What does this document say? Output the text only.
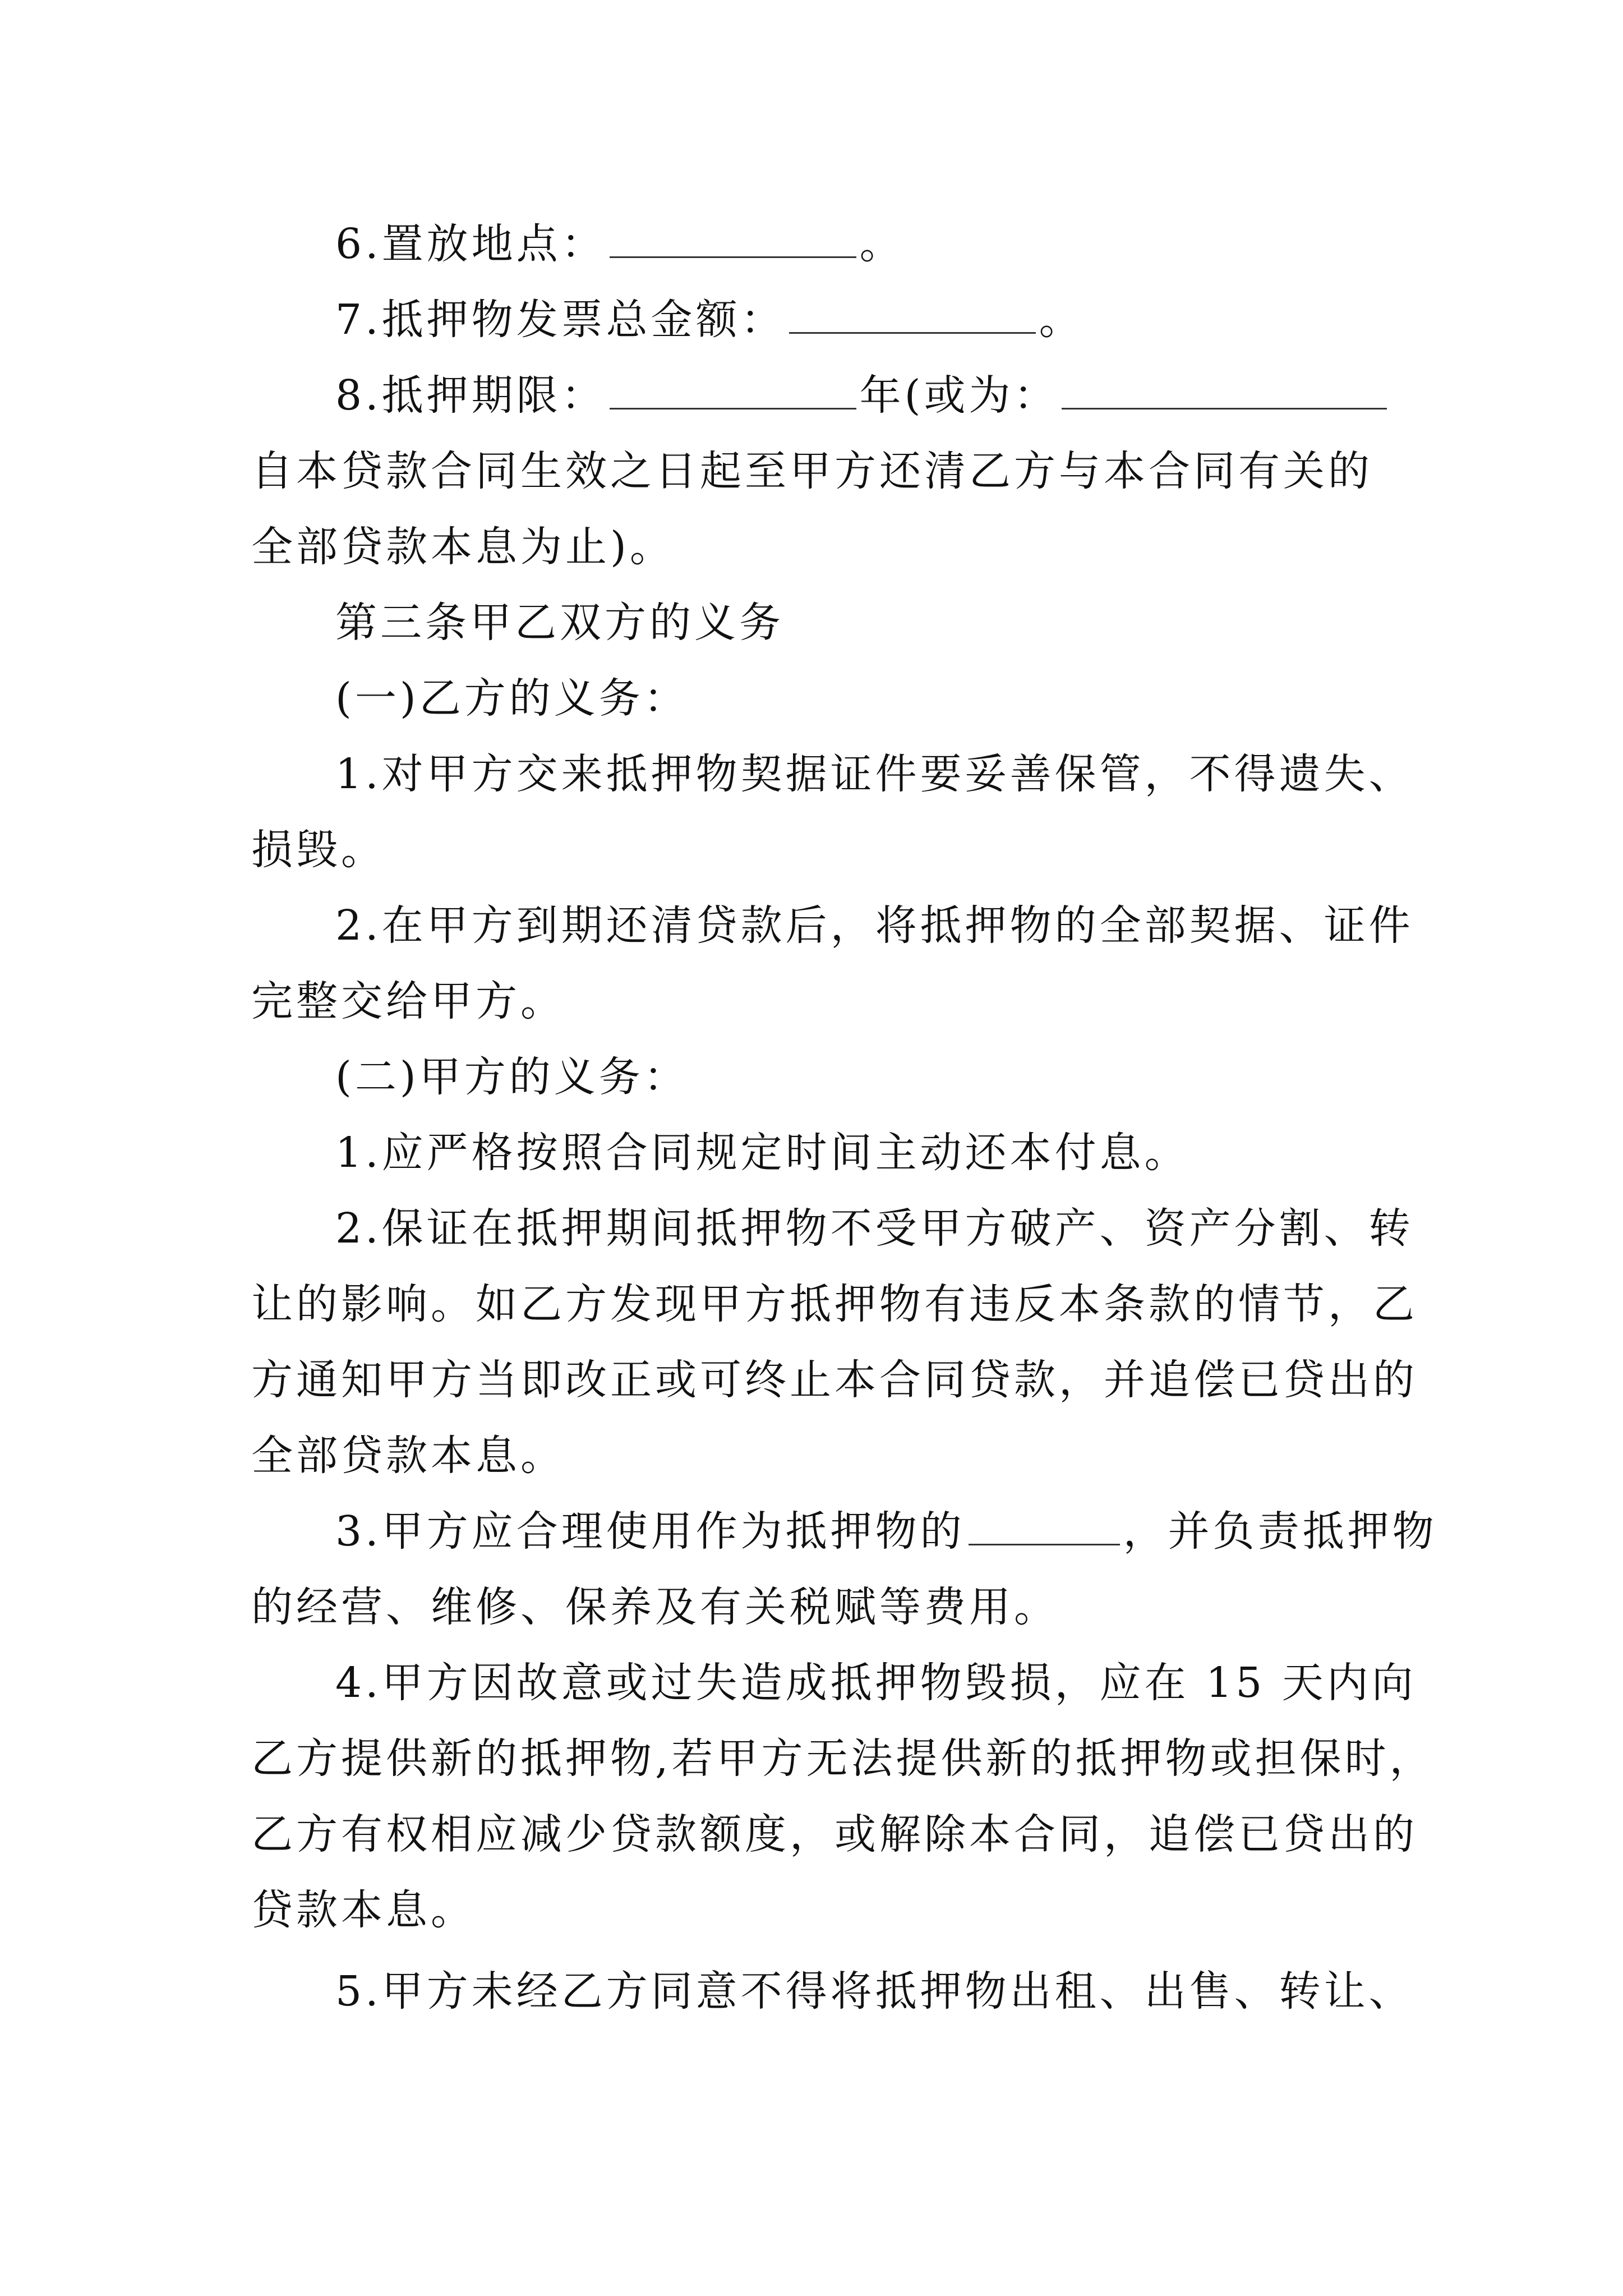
6.置放地点：	。
7.抵押物发票总金额：	。
8.抵押期限：	年(或为：
自本贷款合同生效之日起至甲方还清乙方与本合同有关的
全部贷款本息为止)。
第三条甲乙双方的义务
(一)乙方的义务：
1.对甲方交来抵押物契据证件要妥善保管，不得遗失、
损毁。
2.在甲方到期还清贷款后，将抵押物的全部契据、证件
完整交给甲方。
(二)甲方的义务：
1.应严格按照合同规定时间主动还本付息。
2.保证在抵押期间抵押物不受甲方破产、资产分割、转
让的影响。如乙方发现甲方抵押物有违反本条款的情节，乙
方通知甲方当即改正或可终止本合同贷款，并追偿已贷出的
全部贷款本息。
3.甲方应合理使用作为抵押物的	，并负责抵押物
的经营、维修、保养及有关税赋等费用。
4.甲方因故意或过失造成抵押物毁损，应在 15 天内向
乙方提供新的抵押物,若甲方无法提供新的抵押物或担保时，
乙方有权相应减少贷款额度，或解除本合同，追偿已贷出的
贷款本息。
5.甲方未经乙方同意不得将抵押物出租、出售、转让、
